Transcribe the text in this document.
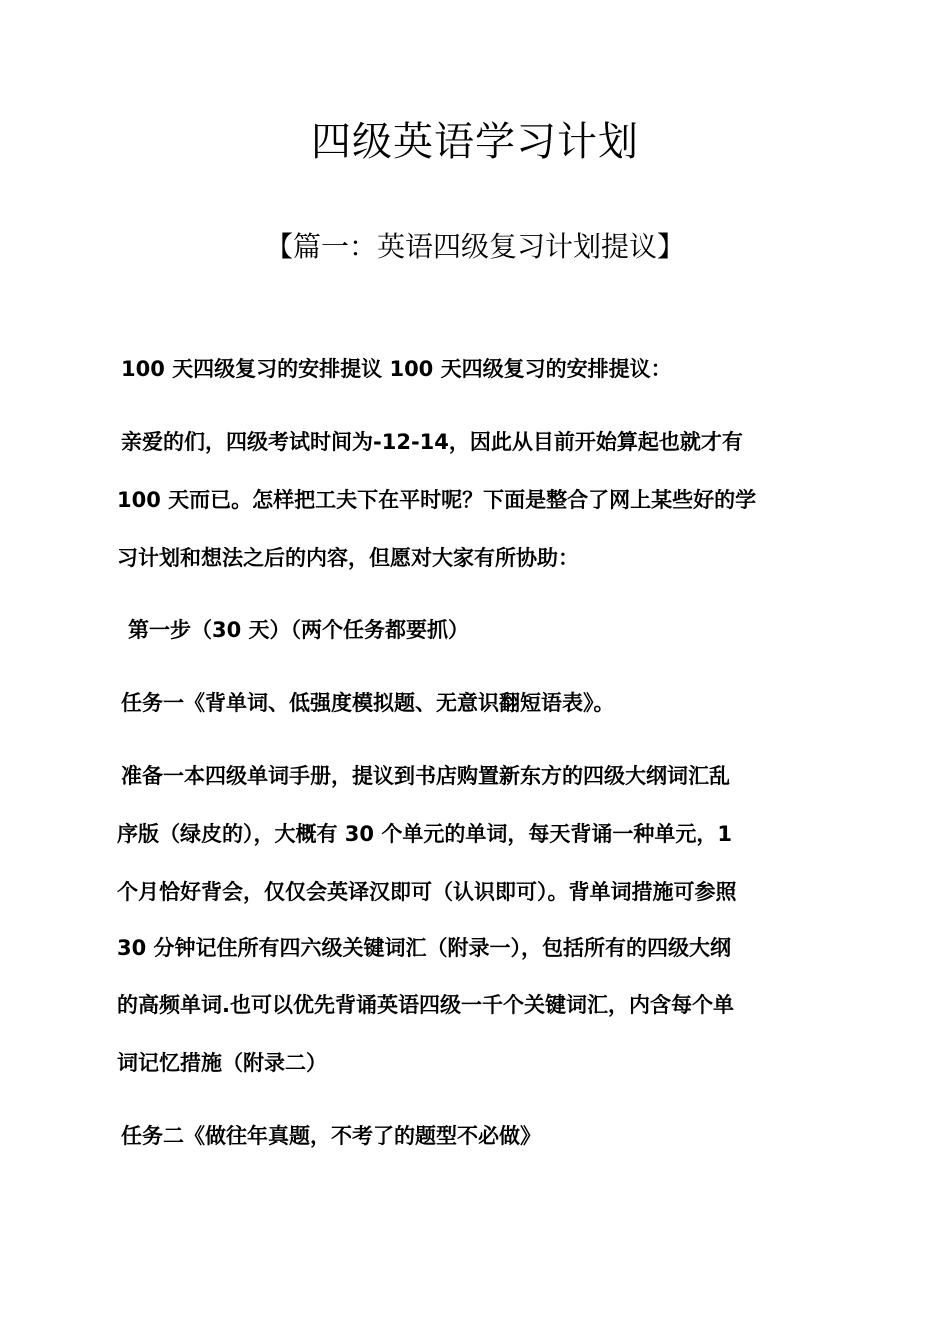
四级英语学习计划
【篇一：英语四级复习计划提议】
100 天四级复习的安排提议 100 天四级复习的安排提议：
亲爱的们，四级考试时间为-12-14，因此从目前开始算起也就才有
100 天而已。怎样把工夫下在平时呢？下面是整合了网上某些好的学
习计划和想法之后的内容，但愿对大家有所协助：
第一步（30 天）（两个任务都要抓）
任务一《背单词、低强度模拟题、无意识翻短语表》。
准备一本四级单词手册，提议到书店购置新东方的四级大纲词汇乱
序版（绿皮的），大概有 30 个单元的单词，每天背诵一种单元，1
个月恰好背会，仅仅会英译汉即可（认识即可）。背单词措施可参照
30 分钟记住所有四六级关键词汇（附录一），包括所有的四级大纲
的高频单词.也可以优先背诵英语四级一千个关键词汇，内含每个单
词记忆措施（附录二）
任务二《做往年真题，不考了的题型不必做》
